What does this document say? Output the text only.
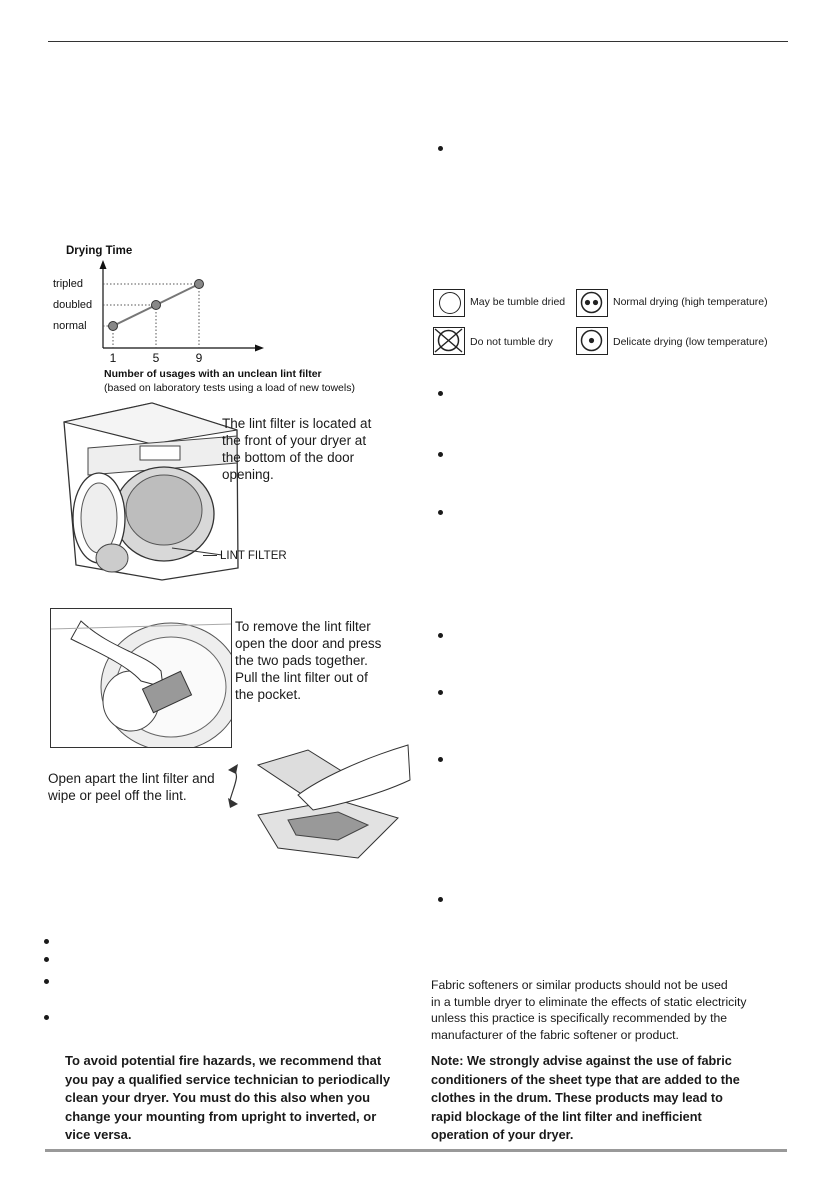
Drying Time
tripled
doubled
normal
1	5	9
Number of usages with an unclean lint filter
(based on laboratory tests using a load of new towels)
LINT FILTER
The lint filter is located at
the front of your dryer at
the bottom of the door
opening.
To remove the lint filter
open the door and press
the two pads together.
Pull the lint filter out of
the pocket.
Open apart the lint filter and
wipe or peel off the lint.
To avoid potential fire hazards, we recommend that
you pay a qualified service technician to periodically
clean your dryer. You must do this also when you
change your mounting from upright to inverted, or
vice versa.
May be tumble dried
Do not tumble dry
Normal drying (high temperature)
Delicate drying (low temperature)
Fabric softeners or similar products should not be used
in a tumble dryer to eliminate the effects of static electricity
unless this practice is specifically recommended by the
manufacturer of the fabric softener or product.
Note: We strongly advise against the use of fabric
conditioners of the sheet type that are added to the
clothes in the drum. These products may lead to
rapid blockage of the lint filter and inefficient
operation of your dryer.
